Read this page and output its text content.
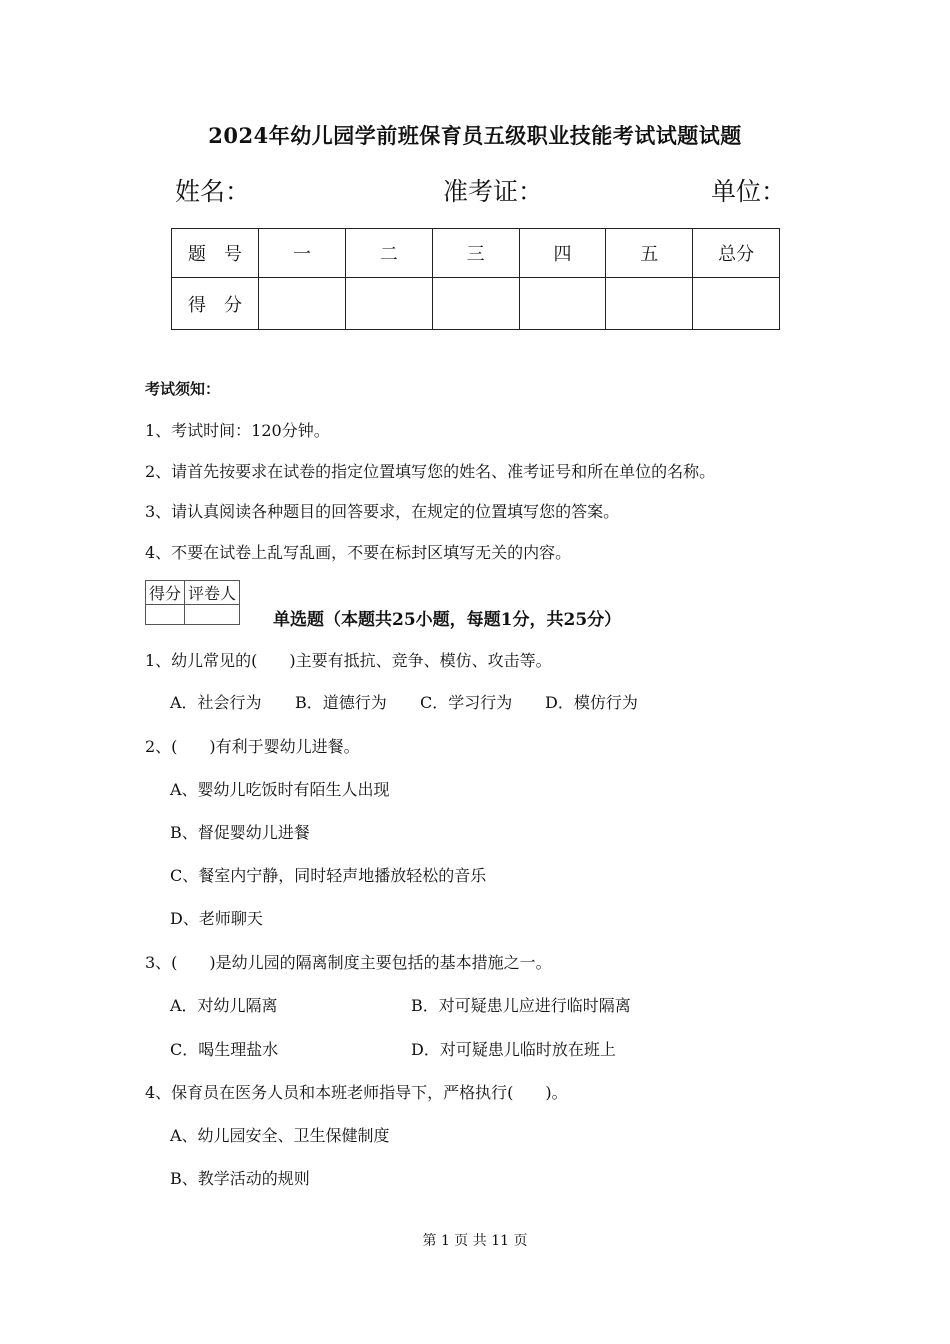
2024年幼儿园学前班保育员五级职业技能考试试题试题
姓名：	准考证：	单位：
题　号	一	二	三	四	五	总分
得　分						
考试须知：
1、考试时间：120分钟。
2、请首先按要求在试卷的指定位置填写您的姓名、准考证号和所在单位的名称。
3、请认真阅读各种题目的回答要求，在规定的位置填写您的答案。
4、不要在试卷上乱写乱画，不要在标封区填写无关的内容。
得分	评卷人

单选题（本题共25小题，每题1分，共25分）
1、幼儿常见的(　　)主要有抵抗、竞争、模仿、攻击等。
A．社会行为 B．道德行为 C．学习行为 D．模仿行为
2、(　　)有利于婴幼儿进餐。
A、婴幼儿吃饭时有陌生人出现
B、督促婴幼儿进餐
C、餐室内宁静，同时轻声地播放轻松的音乐
D、老师聊天
3、(　　)是幼儿园的隔离制度主要包括的基本措施之一。
A．对幼儿隔离	B．对可疑患儿应进行临时隔离
C．喝生理盐水	D．对可疑患儿临时放在班上
4、保育员在医务人员和本班老师指导下，严格执行(　　)。
A、幼儿园安全、卫生保健制度
B、教学活动的规则
第 1 页 共 11 页
